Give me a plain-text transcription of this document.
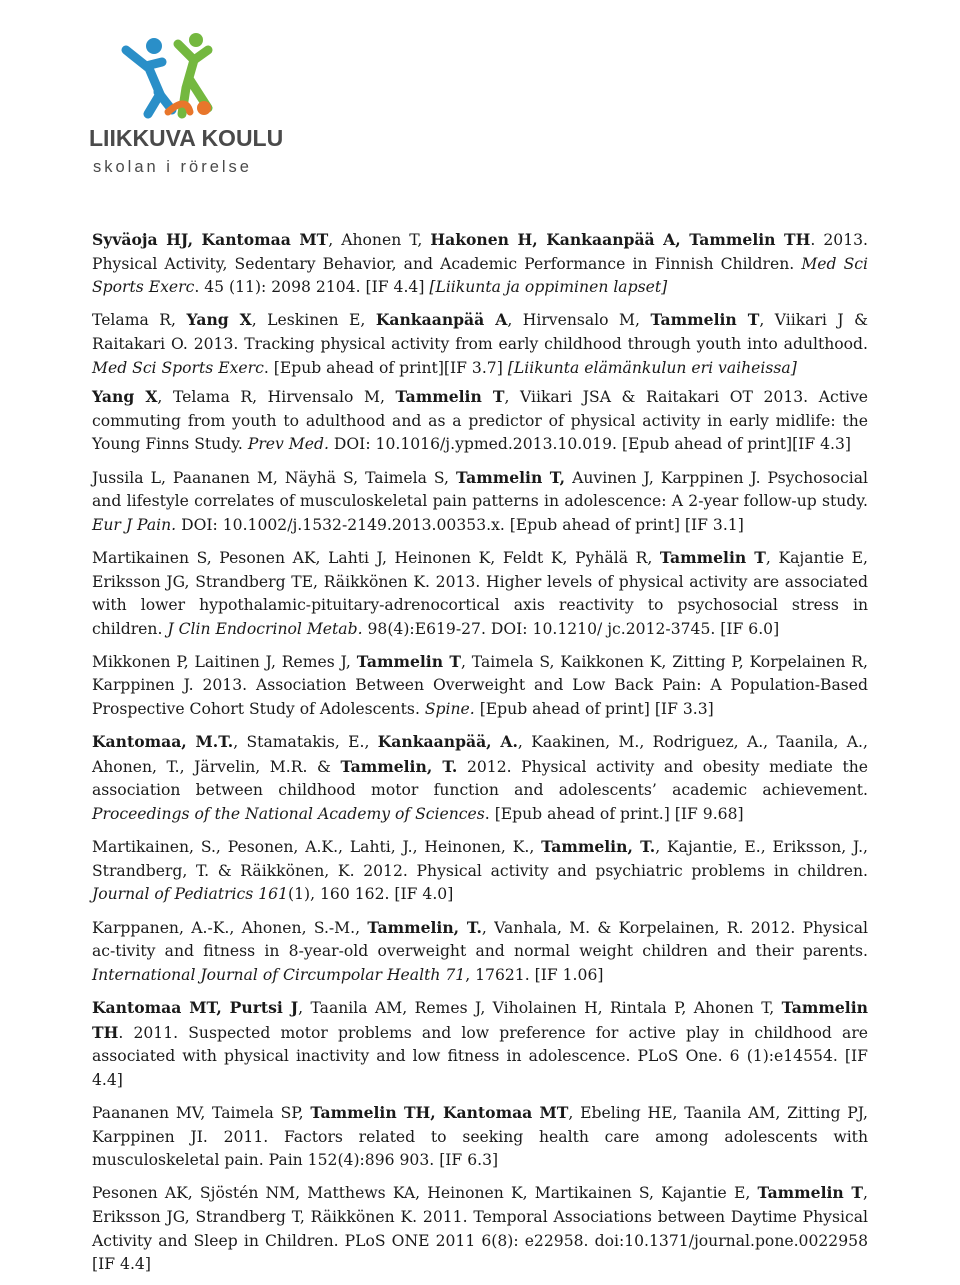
LIIKKUVA KOULU
skolan i rörelse

Syväoja HJ, Kantomaa MT, Ahonen T, Hakonen H, Kankaanpää A, Tammelin TH. 2013. Physical Activity, Sedentary Behavior, and Academic Performance in Finnish Children. Med Sci Sports Exerc. 45 (11): 2098 2104. [IF 4.4] [Liikunta ja oppiminen lapset]

Telama R, Yang X, Leskinen E, Kankaanpää A, Hirvensalo M, Tammelin T, Viikari J & Raitakari O. 2013. Tracking physical activity from early childhood through youth into adulthood. Med Sci Sports Exerc. [Epub ahead of print][IF 3.7] [Liikunta elämänkulun eri vaiheissa]

Yang X, Telama R, Hirvensalo M, Tammelin T, Viikari JSA & Raitakari OT 2013. Active commuting from youth to adulthood and as a predictor of physical activity in early midlife: the Young Finns Study. Prev Med. DOI: 10.1016/j.ypmed.2013.10.019. [Epub ahead of print][IF 4.3]

Jussila L, Paananen M, Näyhä S, Taimela S, Tammelin T, Auvinen J, Karppinen J. Psychosocial and lifestyle correlates of musculoskeletal pain patterns in adolescence: A 2-year follow-up study. Eur J Pain. DOI: 10.1002/j.1532-2149.2013.00353.x. [Epub ahead of print] [IF 3.1]

Martikainen S, Pesonen AK, Lahti J, Heinonen K, Feldt K, Pyhälä R, Tammelin T, Kajantie E, Eriksson JG, Strandberg TE, Räikkönen K. 2013. Higher levels of physical activity are associated with lower hypothalamic-pituitary-adrenocortical axis reactivity to psychosocial stress in children. J Clin Endocrinol Metab. 98(4):E619-27. DOI: 10.1210/ jc.2012-3745. [IF 6.0]

Mikkonen P, Laitinen J, Remes J, Tammelin T, Taimela S, Kaikkonen K, Zitting P, Korpelainen R, Karppinen J. 2013. Association Between Overweight and Low Back Pain: A Population-Based Prospective Cohort Study of Adolescents. Spine. [Epub ahead of print] [IF 3.3]

Kantomaa, M.T., Stamatakis, E., Kankaanpää, A., Kaakinen, M., Rodriguez, A., Taanila, A., Ahonen, T., Järvelin, M.R. & Tammelin, T. 2012. Physical activity and obesity mediate the association between childhood motor function and adolescents’ academic achievement. Proceedings of the National Academy of Sciences. [Epub ahead of print.] [IF 9.68]

Martikainen, S., Pesonen, A.K., Lahti, J., Heinonen, K., Tammelin, T., Kajantie, E., Eriksson, J., Strandberg, T. & Räikkönen, K. 2012. Physical activity and psychiatric problems in children. Journal of Pediatrics 161(1), 160 162. [IF 4.0]

Karppanen, A.-K., Ahonen, S.-M., Tammelin, T., Vanhala, M. & Korpelainen, R. 2012. Physical ac-tivity and fitness in 8-year-old overweight and normal weight children and their parents. International Journal of Circumpolar Health 71, 17621. [IF 1.06]

Kantomaa MT, Purtsi J, Taanila AM, Remes J, Viholainen H, Rintala P, Ahonen T, Tammelin TH. 2011. Suspected motor problems and low preference for active play in childhood are associated with physical inactivity and low fitness in adolescence. PLoS One. 6 (1):e14554. [IF 4.4]

Paananen MV, Taimela SP, Tammelin TH, Kantomaa MT, Ebeling HE, Taanila AM, Zitting PJ, Karppinen JI. 2011. Factors related to seeking health care among adolescents with musculoskeletal pain. Pain 152(4):896 903. [IF 6.3]

Pesonen AK, Sjöstén NM, Matthews KA, Heinonen K, Martikainen S, Kajantie E, Tammelin T, Eriksson JG, Strandberg T, Räikkönen K. 2011. Temporal Associations between Daytime Physical Activity and Sleep in Children. PLoS ONE 2011 6(8): e22958. doi:10.1371/journal.pone.0022958 [IF 4.4]
